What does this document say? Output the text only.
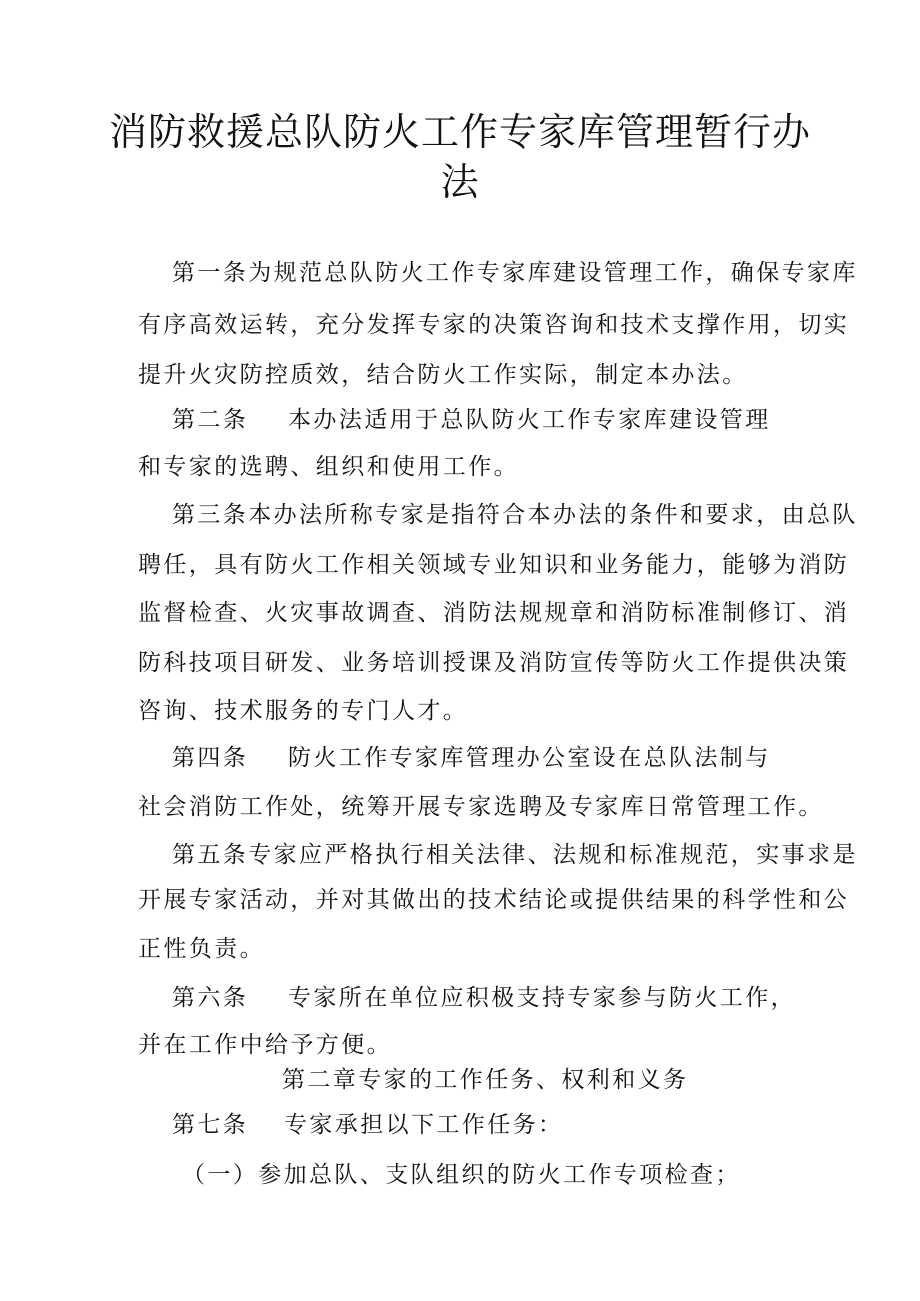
消防救援总队防火工作专家库管理暂行办
法
第一条为规范总队防火工作专家库建设管理工作，确保专家库
有序高效运转，充分发挥专家的决策咨询和技术支撑作用，切实
提升火灾防控质效，结合防火工作实际，制定本办法。
第二条 本办法适用于总队防火工作专家库建设管理
和专家的选聘、组织和使用工作。
第三条本办法所称专家是指符合本办法的条件和要求，由总队
聘任，具有防火工作相关领域专业知识和业务能力，能够为消防
监督检查、火灾事故调查、消防法规规章和消防标准制修订、消
防科技项目研发、业务培训授课及消防宣传等防火工作提供决策
咨询、技术服务的专门人才。
第四条 防火工作专家库管理办公室设在总队法制与
社会消防工作处，统筹开展专家选聘及专家库日常管理工作。
第五条专家应严格执行相关法律、法规和标准规范，实事求是
开展专家活动，并对其做出的技术结论或提供结果的科学性和公
正性负责。
第六条 专家所在单位应积极支持专家参与防火工作，
并在工作中给予方便。
第二章专家的工作任务、权利和义务
第七条 专家承担以下工作任务：
（一）参加总队、支队组织的防火工作专项检查；
